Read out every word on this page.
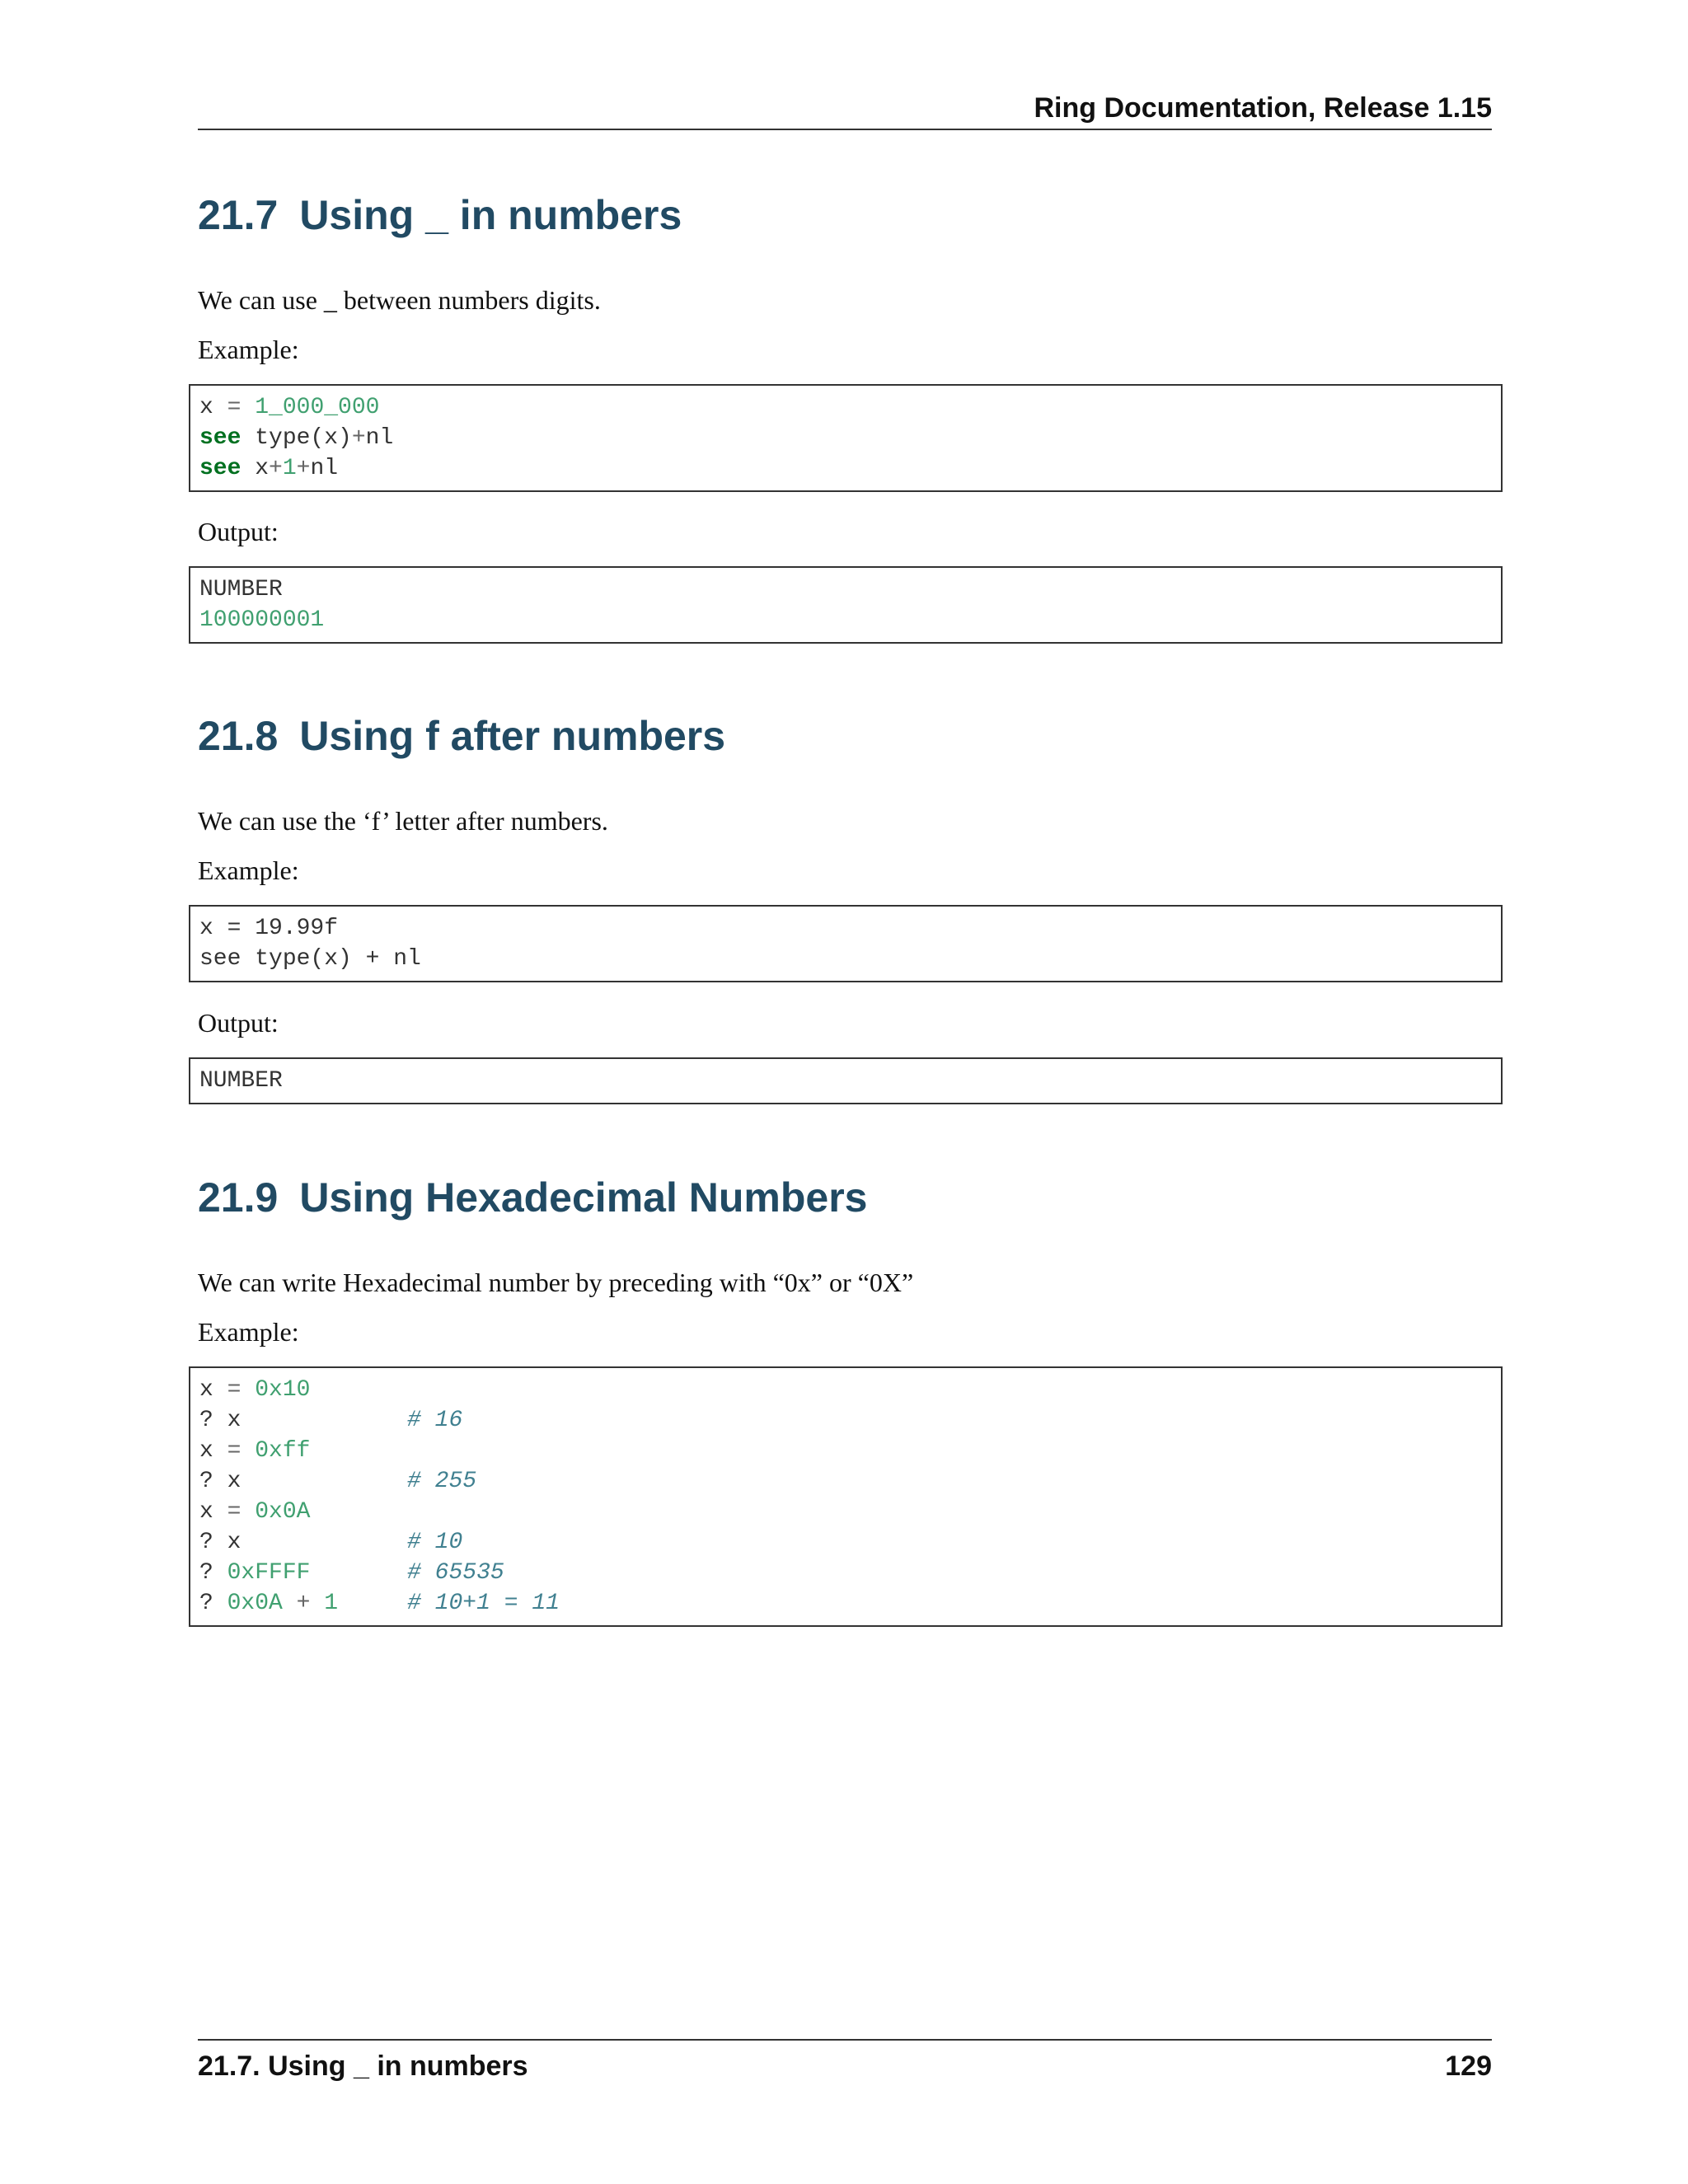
Ring Documentation, Release 1.15
21.7 Using _ in numbers

We can use _ between numbers digits.

Example:

x = 1_000_000
see type(x)+nl
see x+1+nl

Output:

NUMBER
100000001
21.8 Using f after numbers

We can use the ‘f’ letter after numbers.

Example:

x = 19.99f
see type(x) + nl

Output:

NUMBER
21.9 Using Hexadecimal Numbers

We can write Hexadecimal number by preceding with “0x” or “0X”

Example:

x = 0x10
? x            # 16
x = 0xff
? x            # 255
x = 0x0A
? x            # 10
? 0xFFFF	# 65535
? 0x0A + 1	# 10+1 = 11
21.7. Using _ in numbers	129
